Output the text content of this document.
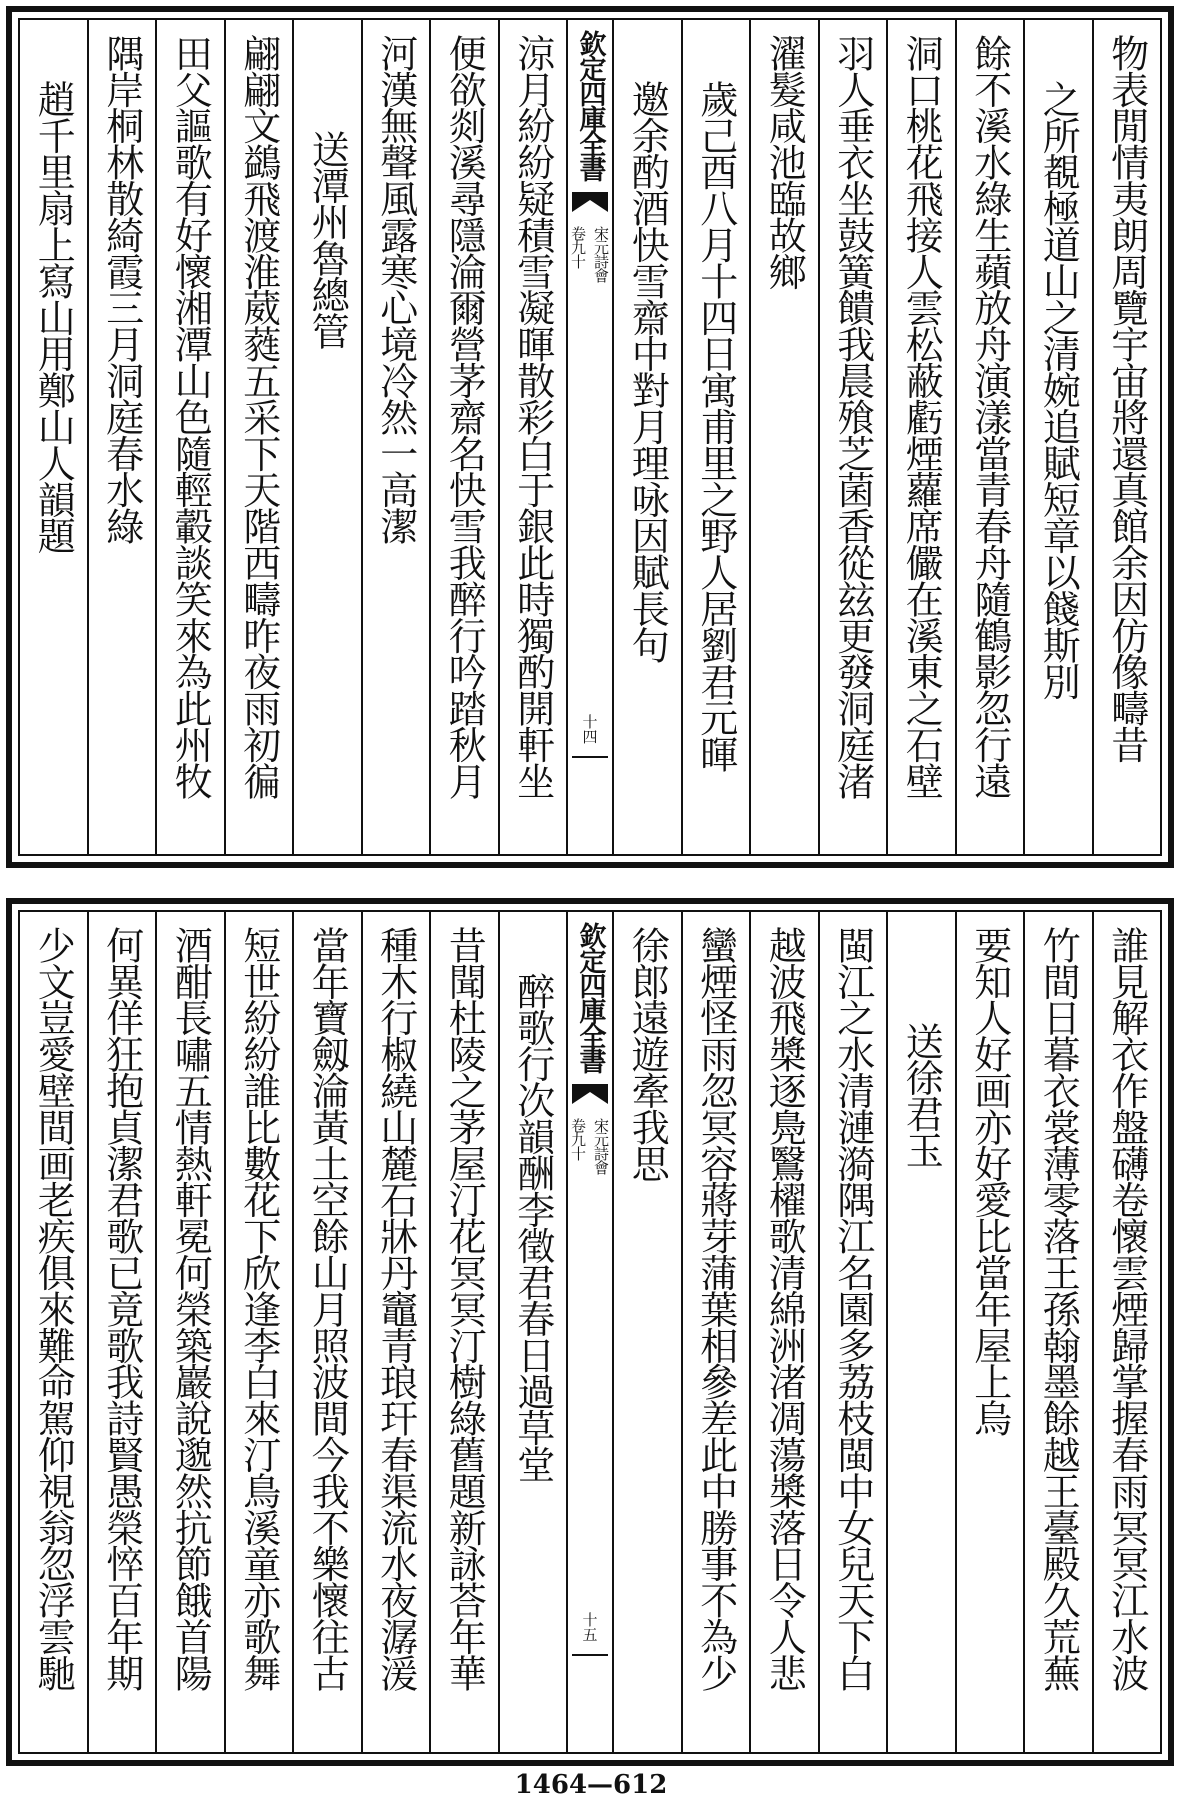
物表閒情夷朗周覽宇宙將還真館余因仿像疇昔
之所覩極道山之清婉追賦短章以餞斯別
餘不溪水綠生蘋放舟演漾當青春舟隨鶴影忽行遠
洞口桃花飛接人雲松蔽虧煙蘿席儼在溪東之石壁
羽人垂衣坐鼓簧饋我晨飱芝菌香從玆更發洞庭渚
濯髮咸池臨故鄉
歲己酉八月十四日寓甫里之野人居劉君元暉
邀余酌酒快雪齋中對月理咏因賦長句
欽定四庫全書
宋元詩會
卷九十
十四
涼月紛紛疑積雪凝暉散彩白于銀此時獨酌開軒坐
便欲剡溪尋隱淪爾營茅齋名快雪我醉行吟踏秋月
河漢無聲風露寒心境冷然一高潔
送潭州魯總管
翩翩文鷁飛渡淮葳蕤五采下天階西疇昨夜雨初徧
田父謳歌有好懷湘潭山色隨輕轂談笑來為此州牧
隅岸桐林散綺霞三月洞庭春水綠
趙千里扇上寫山用鄭山人韻題
誰見解衣作盤礴卷懷雲煙歸掌握春雨冥冥江水波
竹間日暮衣裳薄零落王孫翰墨餘越王臺殿久荒蕪
要知人好画亦好愛比當年屋上烏
送徐君玉
閩江之水清漣漪隅江名園多荔枝閩中女兒天下白
越波飛槳逐鳧鷖櫂歌清綿洲渚凋蕩槳落日令人悲
蠻煙怪雨忽冥容蔣芽蒲葉相參差此中勝事不為少
徐郎遠遊牽我思
欽定四庫全書
宋元詩會
卷九十
十五
醉歌行次韻酬李徵君春日過草堂
昔聞杜陵之茅屋汀花冥冥汀樹綠舊題新詠荅年華
種木行椒繞山麓石牀丹竈青琅玕春渠流水夜潺湲
當年寶劔淪黃土空餘山月照波間今我不樂懷往古
短世紛紛誰比數花下欣逢李白來汀鳥溪童亦歌舞
酒酣長嘯五情熱軒冕何榮築巖說邈然抗節餓首陽
何異佯狂抱貞潔君歌已竟歌我詩賢愚榮悴百年期
少文豈愛壁間画老疾俱來難命駕仰視翁忽浮雲馳
1464—612
